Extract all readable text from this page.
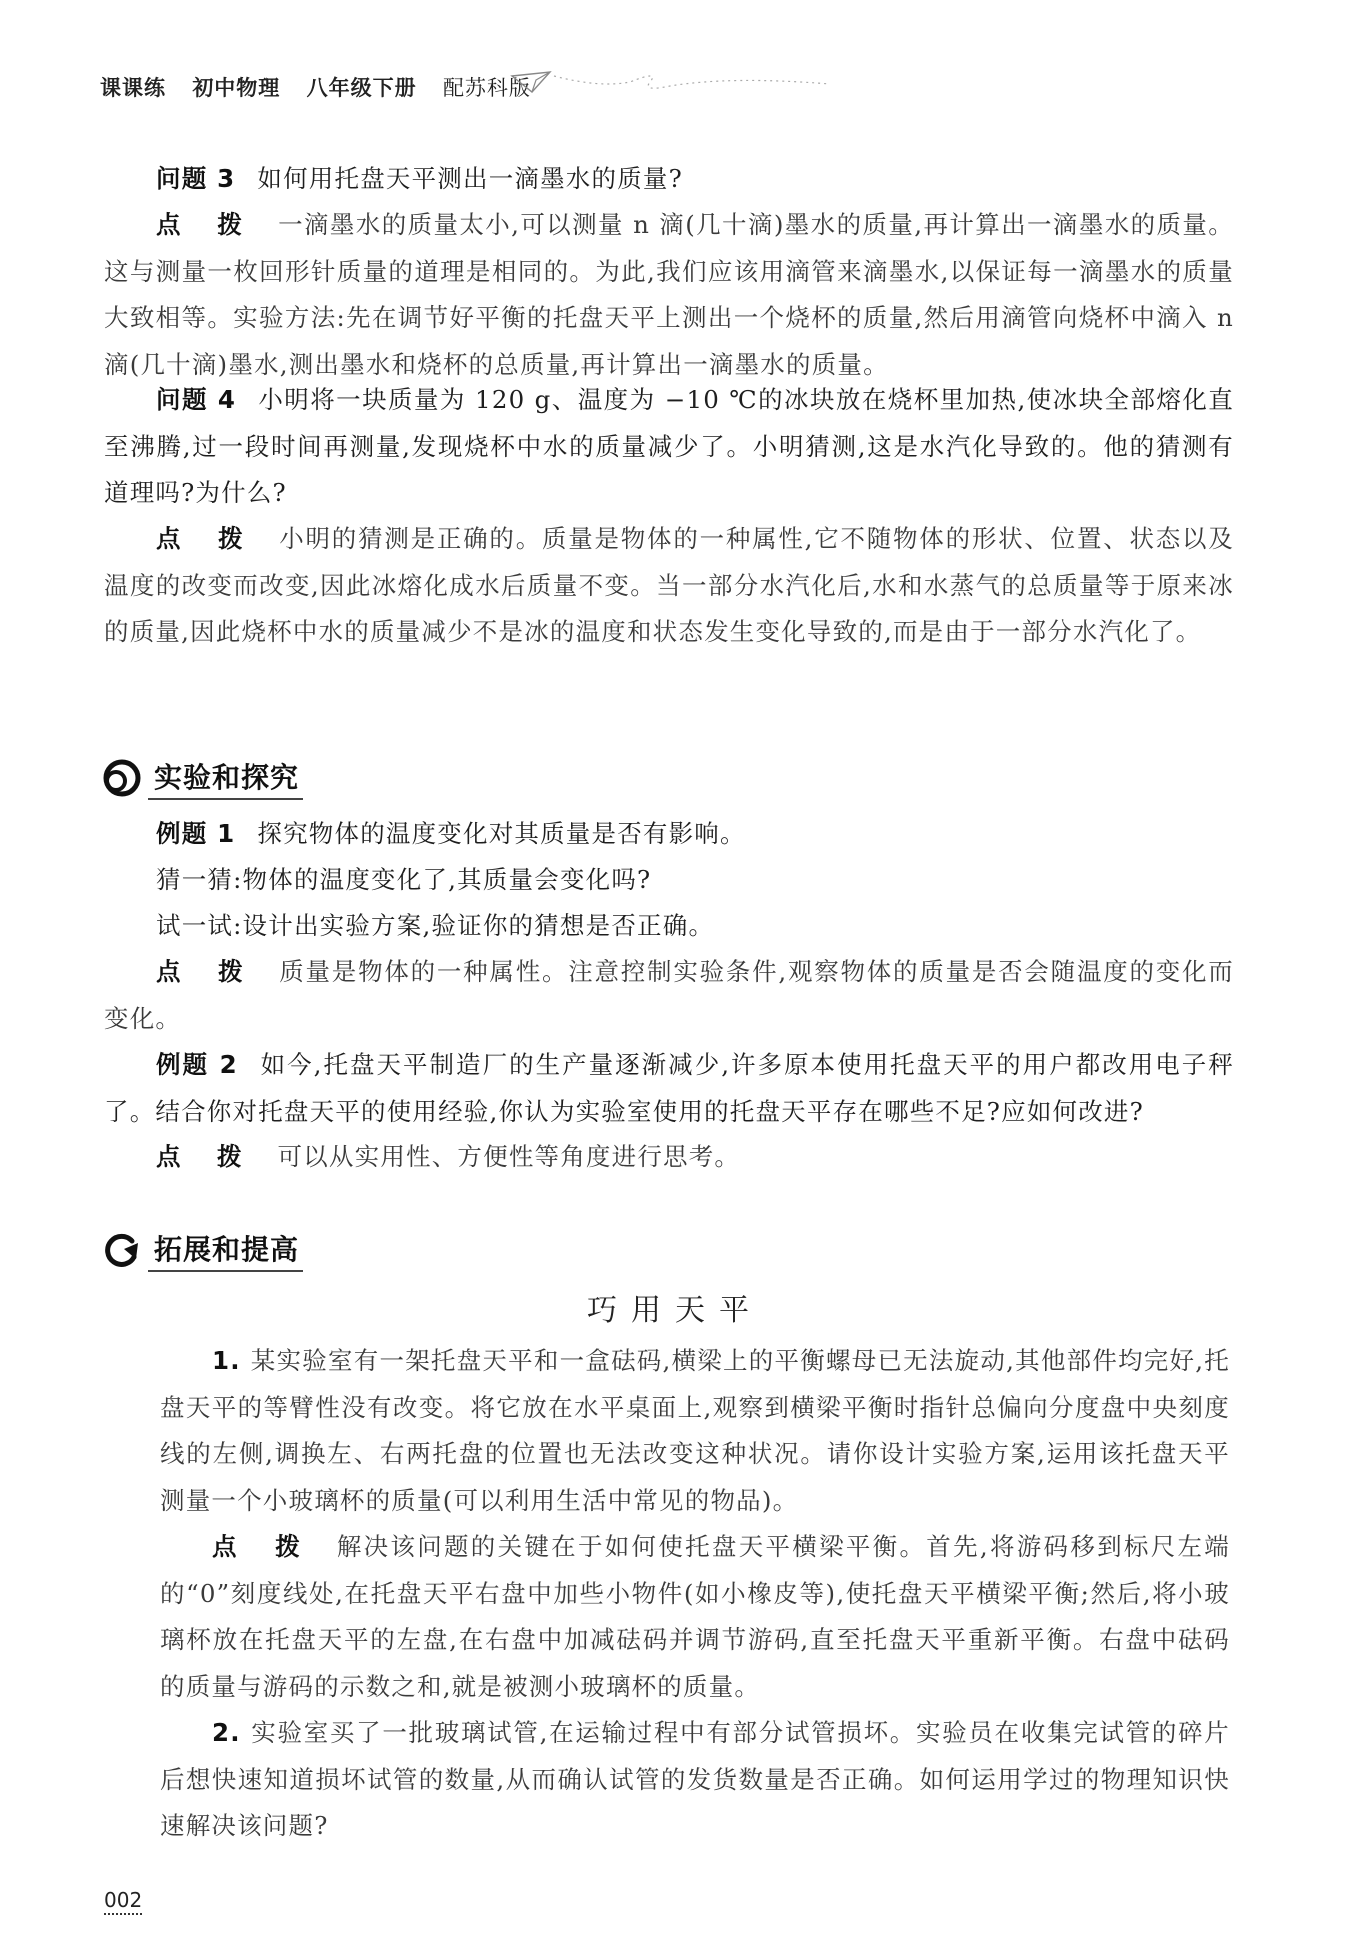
课课练 初中物理 八年级下册 配苏科版

问题 3 如何用托盘天平测出一滴墨水的质量?

点 拨 一滴墨水的质量太小,可以测量 n 滴(几十滴)墨水的质量,再计算出一滴墨水的质量。这与测量一枚回形针质量的道理是相同的。为此,我们应该用滴管来滴墨水,以保证每一滴墨水的质量大致相等。实验方法:先在调节好平衡的托盘天平上测出一个烧杯的质量,然后用滴管向烧杯中滴入 n 滴(几十滴)墨水,测出墨水和烧杯的总质量,再计算出一滴墨水的质量。

问题 4 小明将一块质量为 120 g、温度为 −10 ℃的冰块放在烧杯里加热,使冰块全部熔化直至沸腾,过一段时间再测量,发现烧杯中水的质量减少了。小明猜测,这是水汽化导致的。他的猜测有道理吗?为什么?

点 拨 小明的猜测是正确的。质量是物体的一种属性,它不随物体的形状、位置、状态以及温度的改变而改变,因此冰熔化成水后质量不变。当一部分水汽化后,水和水蒸气的总质量等于原来冰的质量,因此烧杯中水的质量减少不是冰的温度和状态发生变化导致的,而是由于一部分水汽化了。

实验和探究

例题 1 探究物体的温度变化对其质量是否有影响。

猜一猜:物体的温度变化了,其质量会变化吗?

试一试:设计出实验方案,验证你的猜想是否正确。

点 拨 质量是物体的一种属性。注意控制实验条件,观察物体的质量是否会随温度的变化而变化。

例题 2 如今,托盘天平制造厂的生产量逐渐减少,许多原本使用托盘天平的用户都改用电子秤了。结合你对托盘天平的使用经验,你认为实验室使用的托盘天平存在哪些不足?应如何改进?

点 拨 可以从实用性、方便性等角度进行思考。

拓展和提高
巧用天平

1. 某实验室有一架托盘天平和一盒砝码,横梁上的平衡螺母已无法旋动,其他部件均完好,托盘天平的等臂性没有改变。将它放在水平桌面上,观察到横梁平衡时指针总偏向分度盘中央刻度线的左侧,调换左、右两托盘的位置也无法改变这种状况。请你设计实验方案,运用该托盘天平测量一个小玻璃杯的质量(可以利用生活中常见的物品)。

点 拨 解决该问题的关键在于如何使托盘天平横梁平衡。首先,将游码移到标尺左端的“0”刻度线处,在托盘天平右盘中加些小物件(如小橡皮等),使托盘天平横梁平衡;然后,将小玻璃杯放在托盘天平的左盘,在右盘中加减砝码并调节游码,直至托盘天平重新平衡。右盘中砝码的质量与游码的示数之和,就是被测小玻璃杯的质量。

2. 实验室买了一批玻璃试管,在运输过程中有部分试管损坏。实验员在收集完试管的碎片后想快速知道损坏试管的数量,从而确认试管的发货数量是否正确。如何运用学过的物理知识快速解决该问题?

002
